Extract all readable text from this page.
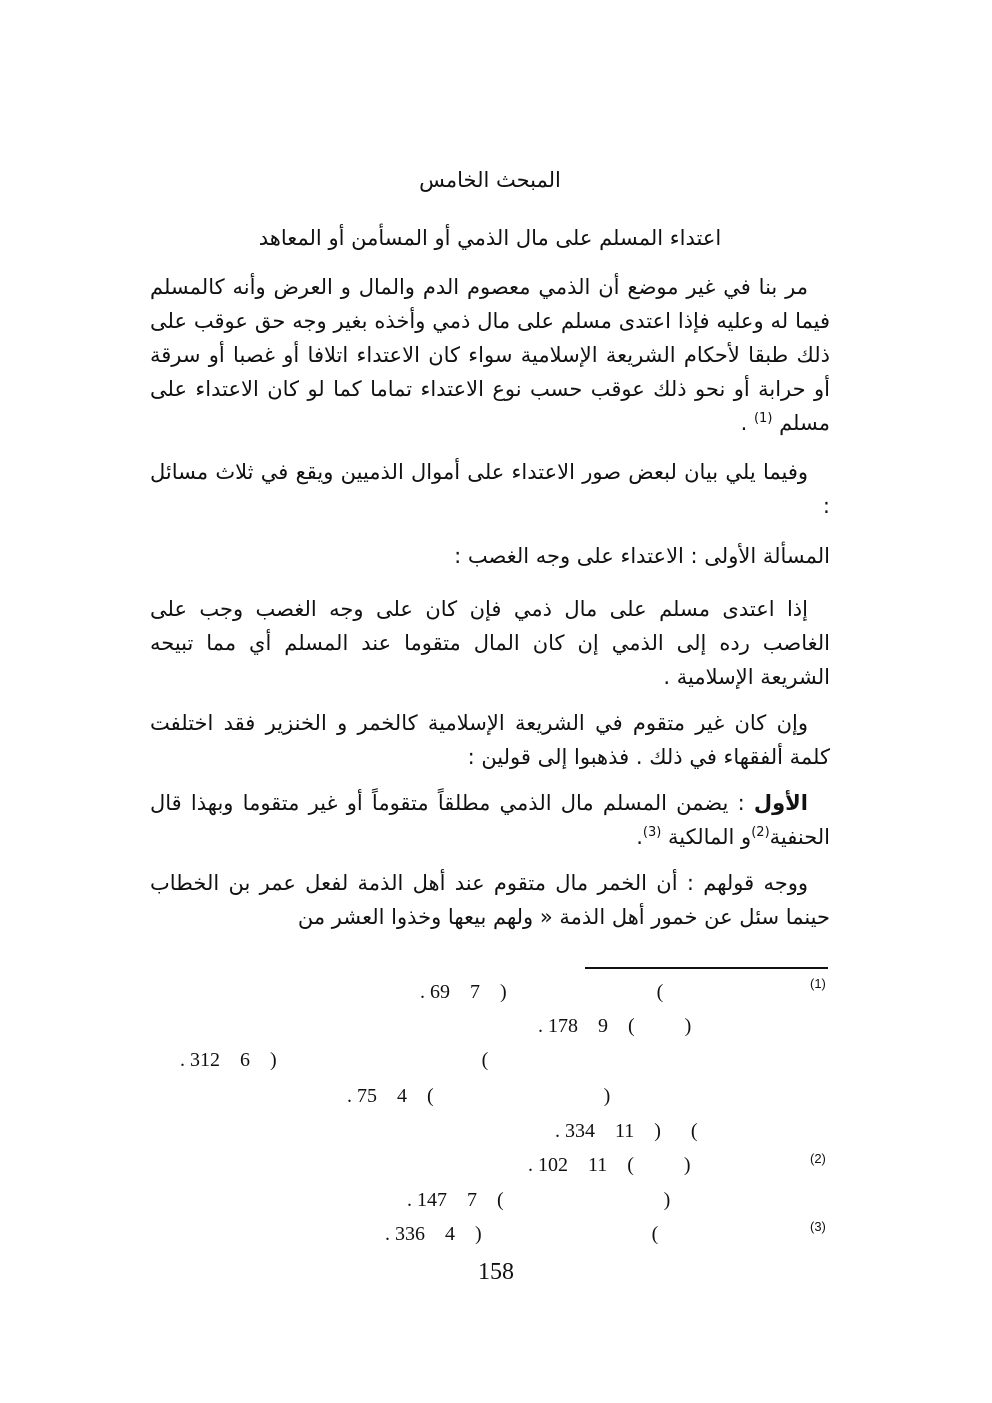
المبحث الخامس
اعتداء المسلم على مال الذمي أو المسأمن أو المعاهد
مر بنا في غير موضع أن الذمي معصوم الدم والمال و العرض وأنه كالمسلم فيما له وعليه فإذا اعتدى مسلم على مال ذمي وأخذه بغير وجه حق عوقب على ذلك طبقا لأحكام الشريعة الإسلامية سواء كان الاعتداء اتلافا أو غصبا أو سرقة أو حرابة أو نحو ذلك عوقب حسب نوع الاعتداء تماما كما لو كان الاعتداء على مسلم $^{(1)}$ .
وفيما يلي بيان لبعض صور الاعتداء على أموال الذميين ويقع في ثلاث مسائل :
المسألة الأولى : الاعتداء على وجه الغصب :
إذا اعتدى مسلم على مال ذمي فإن كان على وجه الغصب وجب على الغاصب رده إلى الذمي إن كان المال متقوما عند المسلم أي مما تبيحه الشريعة الإسلامية .
وإن كان غير متقوم في الشريعة الإسلامية كالخمر و الخنزير فقد اختلفت كلمة ألفقهاء في ذلك . فذهبوا إلى قولين :
الأول : يضمن المسلم مال الذمي مطلقاً متقوماً أو غير متقوما وبهذا قال الحنفية$^{(2)}$و المالكية $^{(3)}$.
ووجه قولهم : أن الخمر مال متقوم عند أهل الذمة لفعل عمر بن الخطاب حينما سئل عن خمور أهل الذمة « ولهم بيعها وخذوا العشر من
(1)
(2)
(3)
. 69    7    )                              (
. 178    9    (          )
. 312    6    )                                         (
. 75    4    (                                  )
. 334    11    )      (
. 102    11    (          )
. 147    7    (                                )
. 336    4    )                                  (
158
